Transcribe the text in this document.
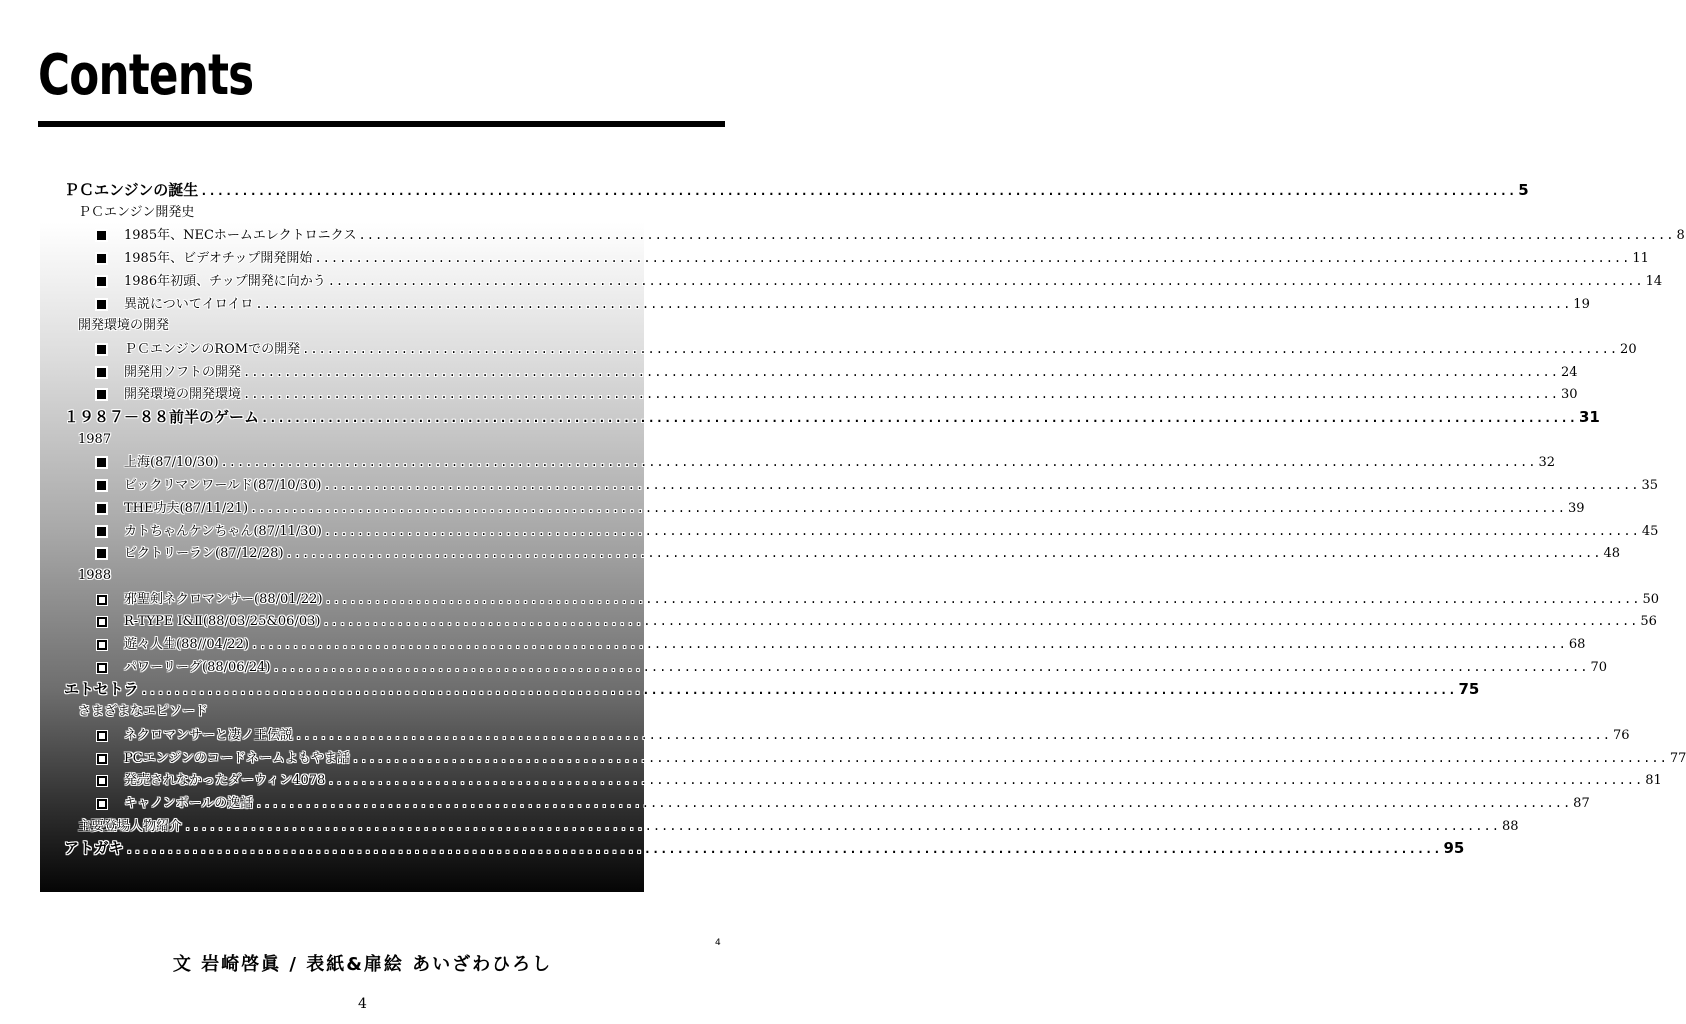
Contents
ＰＣエンジンの誕生 ................................................................................................................................................................ 5
ＰＣエンジン開発史
1985年、NECホームエレクトロニクス ................................................................................................................................................................ 8
1985年、ビデオチップ開発開始 ................................................................................................................................................................ 11
1986年初頭、チップ開発に向かう ................................................................................................................................................................ 14
異説についてイロイロ ................................................................................................................................................................ 19
開発環境の開発
ＰＣエンジンのROMでの開発 ................................................................................................................................................................ 20
開発用ソフトの開発 ................................................................................................................................................................ 24
開発環境の開発環境 ................................................................................................................................................................ 30
１９８７－８８前半のゲーム ................................................................................................................................................................ 31
1987
上海(87/10/30) ................................................................................................................................................................ 32
ビックリマンワールド(87/10/30) ................................................................................................................................................................ 35
THE功夫(87/11/21) ................................................................................................................................................................ 39
カトちゃんケンちゃん(87/11/30) ................................................................................................................................................................ 45
ビクトリーラン(87/12/28) ................................................................................................................................................................ 48
1988
邪聖剣ネクロマンサー(88/01/22) ................................................................................................................................................................ 50
R-TYPE Ⅰ&Ⅱ(88/03/25&06/03) ................................................................................................................................................................ 56
遊々人生(88//04/22) ................................................................................................................................................................ 68
パワーリーグ(88/06/24) ................................................................................................................................................................ 70
エトセトラ ................................................................................................................................................................ 75
さまざまなエピソード
ネクロマンサーと凄ノ王伝説 ................................................................................................................................................................ 76
PCエンジンのコードネームよもやま話 ................................................................................................................................................................ 77
発売されなかったダーウィン4078 ................................................................................................................................................................ 81
キャノンボールの逸話 ................................................................................................................................................................ 87
主要登場人物紹介 ................................................................................................................................................................ 88
アトガキ ................................................................................................................................................................ 95
4
文 岩崎啓眞 / 表紙&扉絵 あいざわひろし
4
